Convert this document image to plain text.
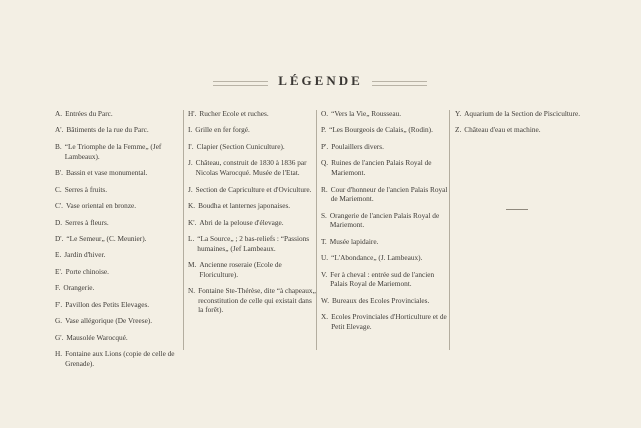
LÉGENDE
A. Entrées du Parc.
A'. Bâtiments de la rue du Parc.
B. “Le Triomphe de la Femme„ (Jef Lambeaux).
B'. Bassin et vase monumental.
C. Serres à fruits.
C'. Vase oriental en bronze.
D. Serres à fleurs.
D'. “Le Semeur„ (C. Meunier).
E. Jardin d'hiver.
E'. Porte chinoise.
F. Orangerie.
F'. Pavillon des Petits Elevages.
G. Vase allégorique (De Vreese).
G'. Mausolée Warocqué.
H. Fontaine aux Lions (copie de celle de Grenade).
H'. Rucher Ecole et ruches.
I. Grille en fer forgé.
I'. Clapier (Section Cuniculture).
J. Château, construit de 1830 à 1836 par Nicolas Warocqué. Musée de l'Etat.
J. Section de Capriculture et d'Oviculture.
K. Boudha et lanternes japonaises.
K'. Abri de la pelouse d'élevage.
L. “La Source„ ; 2 bas-reliefs : “Passions humaines„ (Jef Lambeaux.
M. Ancienne roseraie (Ecole de Floriculture).
N. Fontaine Ste-Thérèse, dite “à chapeaux„ reconstitution de celle qui existait dans la forêt).
O. “Vers la Vie„ Rousseau.
P. “Les Bourgeois de Calais„ (Rodin).
P'. Poulaillers divers.
Q. Ruines de l'ancien Palais Royal de Mariemont.
R. Cour d'honneur de l'ancien Palais Royal de Mariemont.
S. Orangerie de l'ancien Palais Royal de Mariemont.
T. Musée lapidaire.
U. “L'Abondance„ (J. Lambeaux).
V. Fer à cheval : entrée sud de l'ancien Palais Royal de Mariemont.
W. Bureaux des Ecoles Provinciales.
X. Ecoles Provinciales d'Horticulture et de Petit Elevage.
Y. Aquarium de la Section de Pisciculture.
Z. Château d'eau et machine.
